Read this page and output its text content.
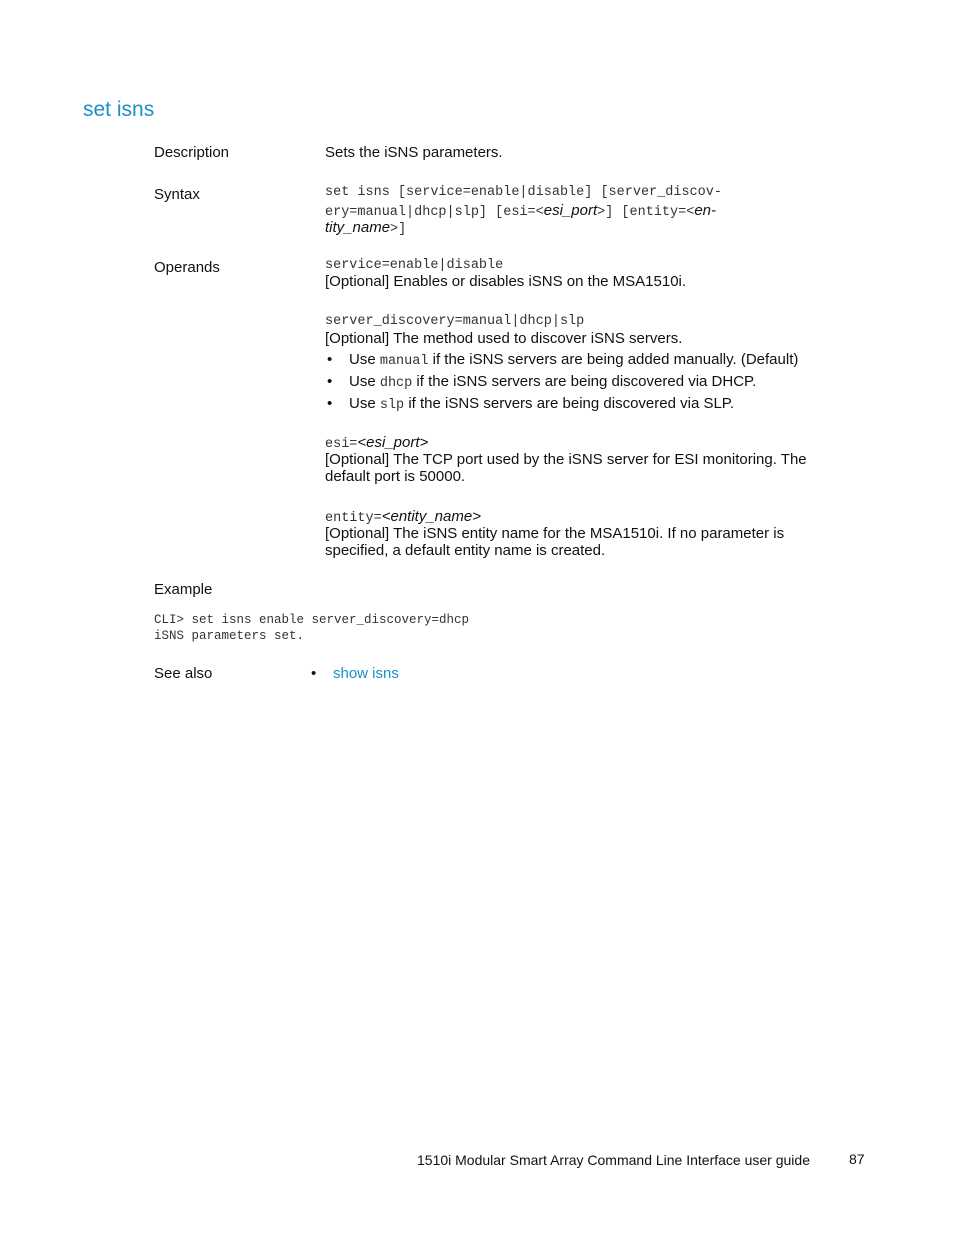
set isns
Description	Sets the iSNS parameters.
Syntax	set isns [service=enable|disable] [server_discov-
ery=manual|dhcp|slp] [esi=<esi_port>] [entity=<en-
tity_name>]
Operands	service=enable|disable
[Optional] Enables or disables iSNS on the MSA1510i.
server_discovery=manual|dhcp|slp
[Optional] The method used to discover iSNS servers.
• Use manual if the iSNS servers are being added manually. (Default)
• Use dhcp if the iSNS servers are being discovered via DHCP.
• Use slp if the iSNS servers are being discovered via SLP.
esi=<esi_port>
[Optional] The TCP port used by the iSNS server for ESI monitoring. The
default port is 50000.
entity=<entity_name>
[Optional] The iSNS entity name for the MSA1510i. If no parameter is
specified, a default entity name is created.
Example
CLI> set isns enable server_discovery=dhcp
iSNS parameters set.
See also	• show isns
1510i Modular Smart Array Command Line Interface user guide	87
